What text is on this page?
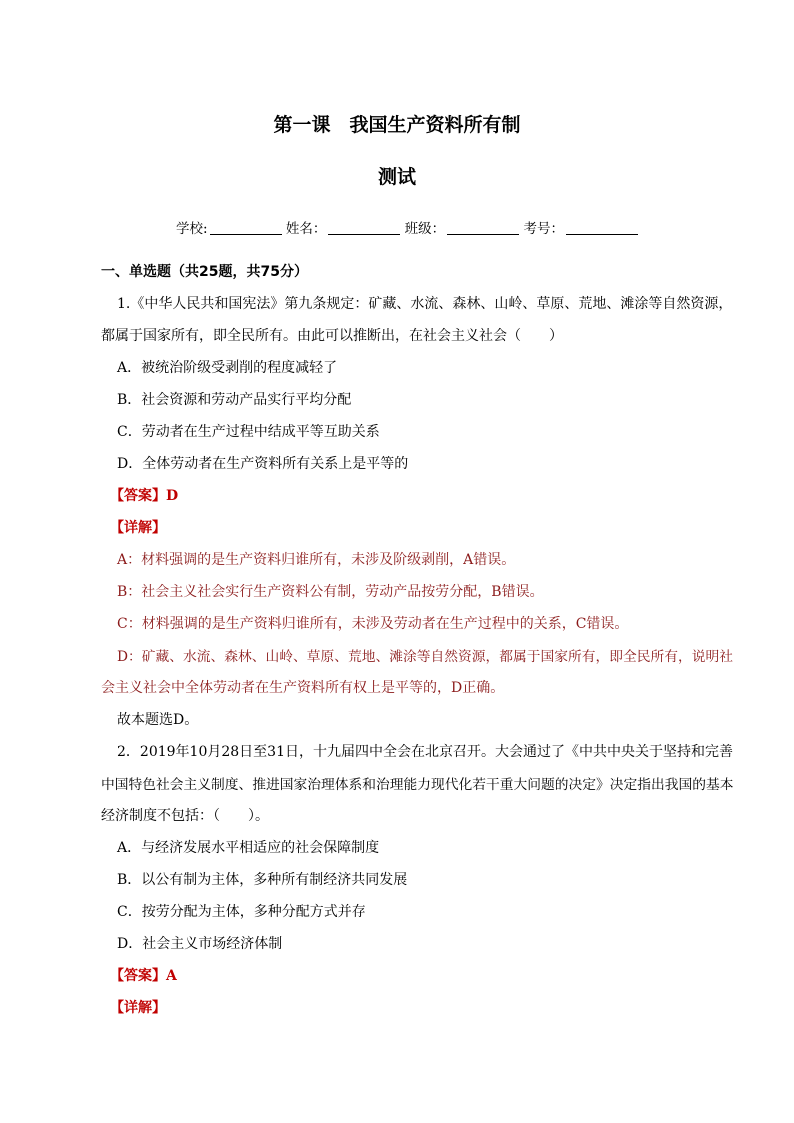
第一课　我国生产资料所有制
测试
学校:	姓名：	班级：	考号：
一、单选题（共25题，共75分）
1.《中华人民共和国宪法》第九条规定：矿藏、水流、森林、山岭、草原、荒地、滩涂等自然资源，
都属于国家所有，即全民所有。由此可以推断出，在社会主义社会（　　）
A．被统治阶级受剥削的程度减轻了
B．社会资源和劳动产品实行平均分配
C．劳动者在生产过程中结成平等互助关系
D．全体劳动者在生产资料所有关系上是平等的
【答案】D
【详解】
A：材料强调的是生产资料归谁所有，未涉及阶级剥削，A错误。
B：社会主义社会实行生产资料公有制，劳动产品按劳分配，B错误。
C：材料强调的是生产资料归谁所有，未涉及劳动者在生产过程中的关系，C错误。
D：矿藏、水流、森林、山岭、草原、荒地、滩涂等自然资源，都属于国家所有，即全民所有，说明社
会主义社会中全体劳动者在生产资料所有权上是平等的，D正确。
故本题选D。
2．2019年10月28日至31日，十九届四中全会在北京召开。大会通过了《中共中央关于坚持和完善
中国特色社会主义制度、推进国家治理体系和治理能力现代化若干重大问题的决定》决定指出我国的基本
经济制度不包括：（　　）。
A．与经济发展水平相适应的社会保障制度
B．以公有制为主体，多种所有制经济共同发展
C．按劳分配为主体，多种分配方式并存
D．社会主义市场经济体制
【答案】A
【详解】
